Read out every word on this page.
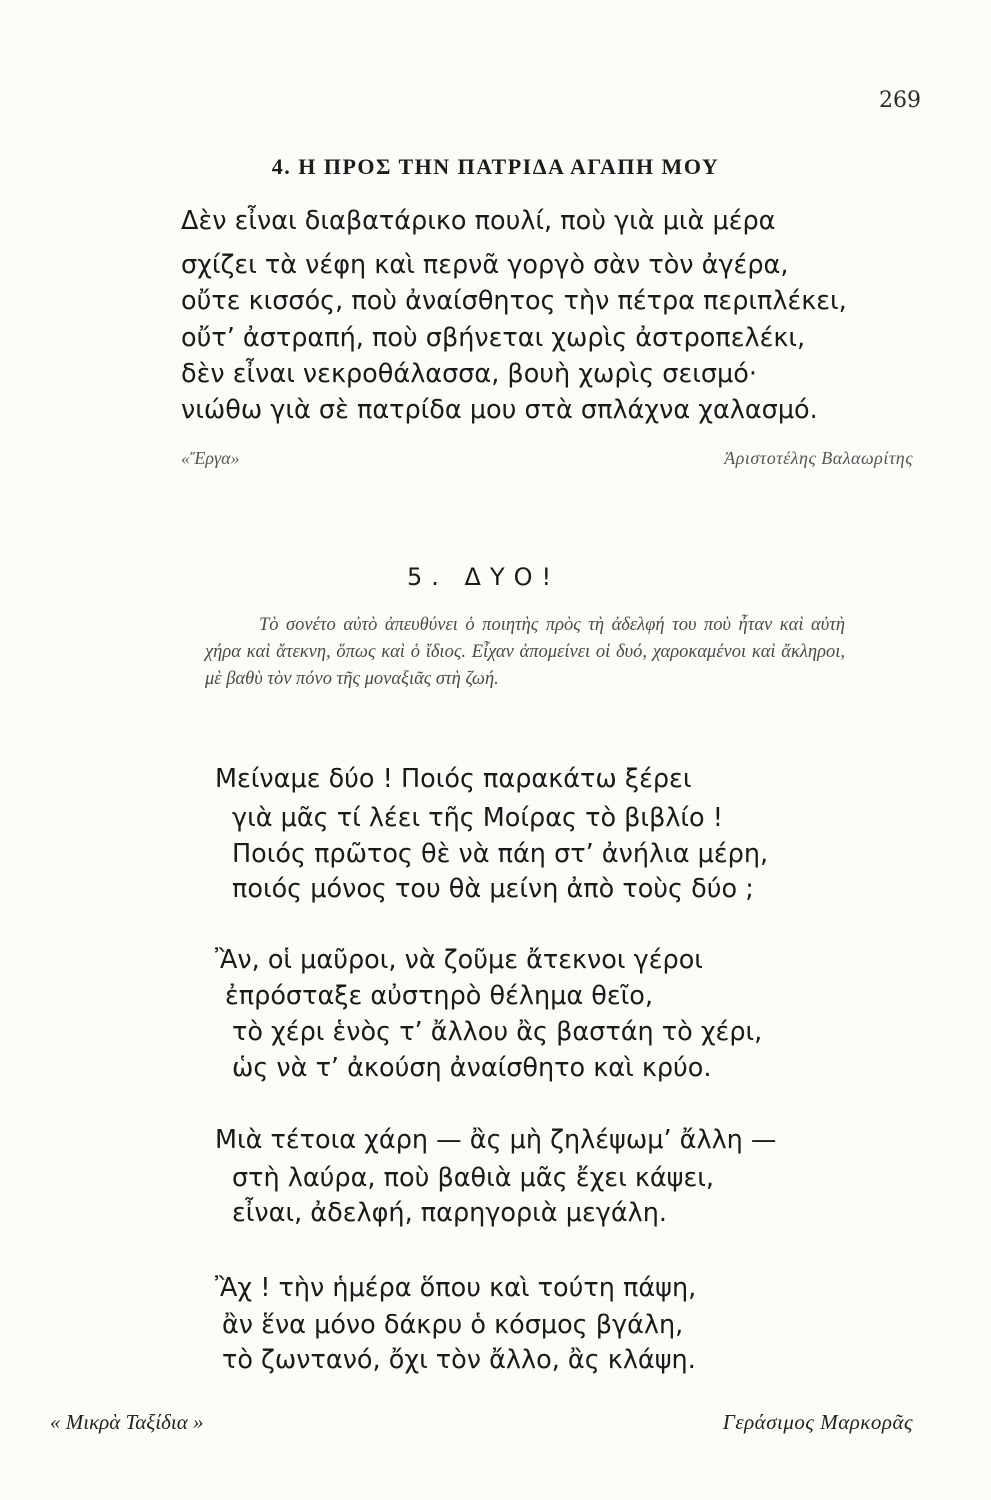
269
4. Η ΠΡΟΣ ΤΗΝ ΠΑΤΡΙΔΑ ΑΓΑΠΗ ΜΟΥ
Δὲν εἶναι διαβατάρικο πουλί, ποὺ γιὰ μιὰ μέρα
σχίζει τὰ νέφη καὶ περνᾶ γοργὸ σὰν τὸν ἀγέρα,
οὔτε κισσός, ποὺ ἀναίσθητος τὴν πέτρα περιπλέκει,
οὔτ’ ἀστραπή, ποὺ σβήνεται χωρὶς ἀστροπελέκι,
δὲν εἶναι νεκροθάλασσα, βουὴ χωρὶς σεισμό·
νιώθω γιὰ σὲ πατρίδα μου στὰ σπλάχνα χαλασμό.
«Ἔργα»	Ἀριστοτέλης Βαλαωρίτης
5. ΔΥΟ!
Τὸ σονέτο αὐτὸ ἀπευθύνει ὁ ποιητὴς πρὸς τὴ ἀδελφή του ποὺ ἦταν καὶ αὐτὴ χήρα καὶ ἄτεκνη, ὅπως καὶ ὁ ἴδιος. Εἶχαν ἀπομείνει οἱ δυό, χαροκαμένοι καὶ ἄκληροι, μὲ βαθὺ τὸν πόνο τῆς μοναξιᾶς στὴ ζωή.
Μείναμε δύο ! Ποιός παρακάτω ξέρει
γιὰ μᾶς τί λέει τῆς Μοίρας τὸ βιβλίο !
Ποιός πρῶτος θὲ νὰ πάη στ’ ἀνήλια μέρη,
ποιός μόνος του θὰ μείνη ἀπὸ τοὺς δύο ;
Ἂν, οἱ μαῦροι, νὰ ζοῦμε ἄτεκνοι γέροι
ἐπρόσταξε αὐστηρὸ θέλημα θεῖο,
τὸ χέρι ἑνὸς τ’ ἄλλου ἂς βαστάη τὸ χέρι,
ὡς νὰ τ’ ἀκούση ἀναίσθητο καὶ κρύο.
Μιὰ τέτοια χάρη — ἂς μὴ ζηλέψωμ’ ἄλλη —
στὴ λαύρα, ποὺ βαθιὰ μᾶς ἔχει κάψει,
εἶναι, ἀδελφή, παρηγοριὰ μεγάλη.
Ἂχ ! τὴν ἡμέρα ὅπου καὶ τούτη πάψη,
ἂν ἕνα μόνο δάκρυ ὁ κόσμος βγάλη,
τὸ ζωντανό, ὄχι τὸν ἄλλο, ἂς κλάψη.
« Μικρὰ Ταξίδια »	Γεράσιμος Μαρκορᾶς
